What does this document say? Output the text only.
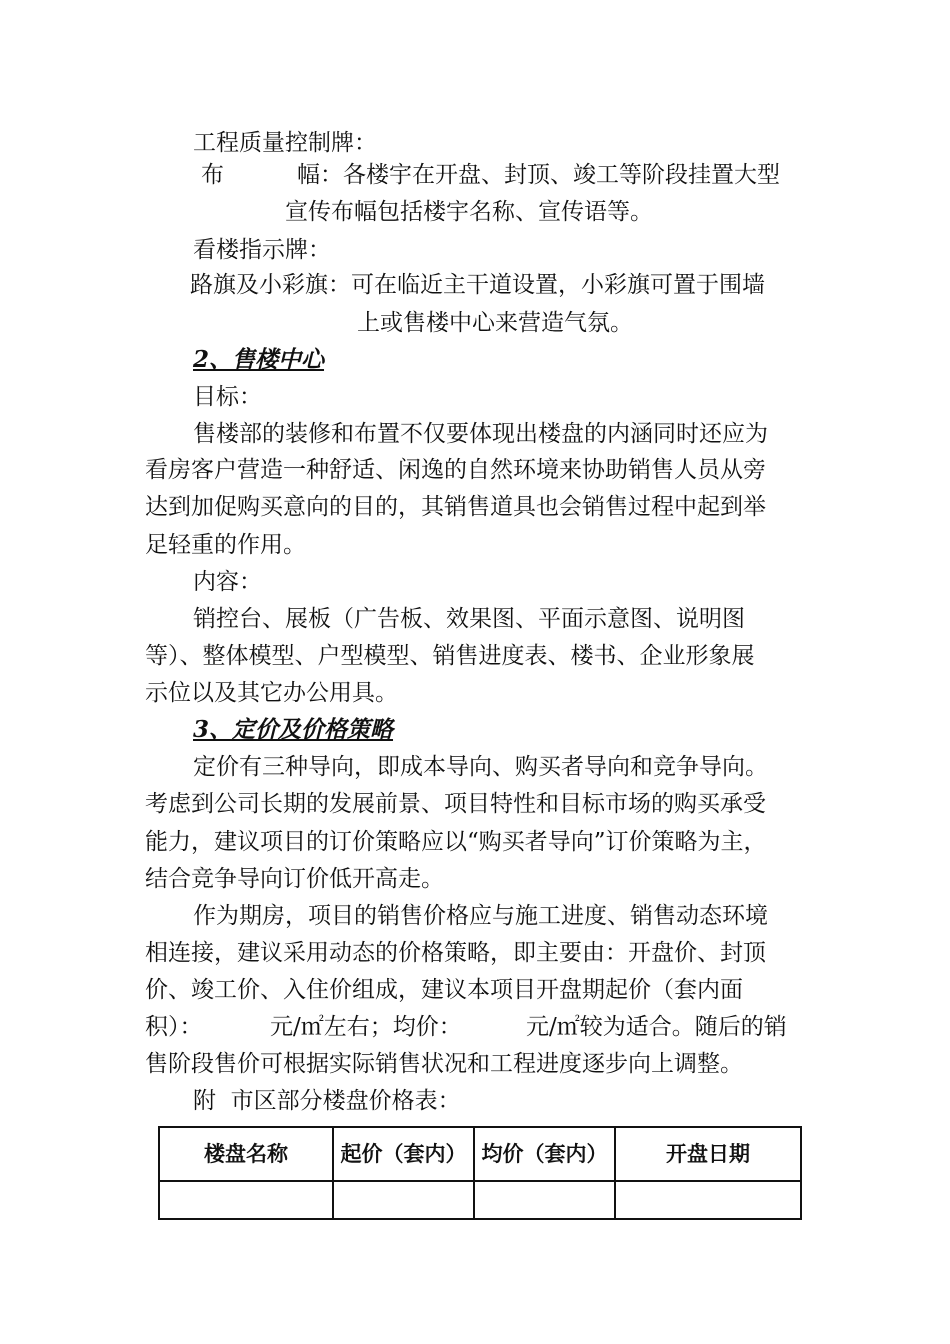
工程质量控制牌：
布	幅：各楼宇在开盘、封顶、竣工等阶段挂置大型
宣传布幅包括楼宇名称、宣传语等。
看楼指示牌：
路旗及小彩旗：可在临近主干道设置，小彩旗可置于围墙
上或售楼中心来营造气氛。
2、售楼中心
目标：
售楼部的装修和布置不仅要体现出楼盘的内涵同时还应为
看房客户营造一种舒适、闲逸的自然环境来协助销售人员从旁
达到加促购买意向的目的，其销售道具也会销售过程中起到举
足轻重的作用。
内容：
销控台、展板（广告板、效果图、平面示意图、说明图
等）、整体模型、户型模型、销售进度表、楼书、企业形象展
示位以及其它办公用具。
3、定价及价格策略
定价有三种导向，即成本导向、购买者导向和竞争导向。
考虑到公司长期的发展前景、项目特性和目标市场的购买承受
能力，建议项目的订价策略应以“购买者导向”订价策略为主，
结合竞争导向订价低开高走。
作为期房，项目的销售价格应与施工进度、销售动态环境
相连接，建议采用动态的价格策略，即主要由：开盘价、封顶
价、竣工价、入住价组成，建议本项目开盘期起价（套内面
积）：	元/㎡左右；均价：	元/㎡较为适合。随后的销
售阶段售价可根据实际销售状况和工程进度逐步向上调整。
附  市区部分楼盘价格表：
楼盘名称	起价（套内）	均价（套内）	开盘日期
